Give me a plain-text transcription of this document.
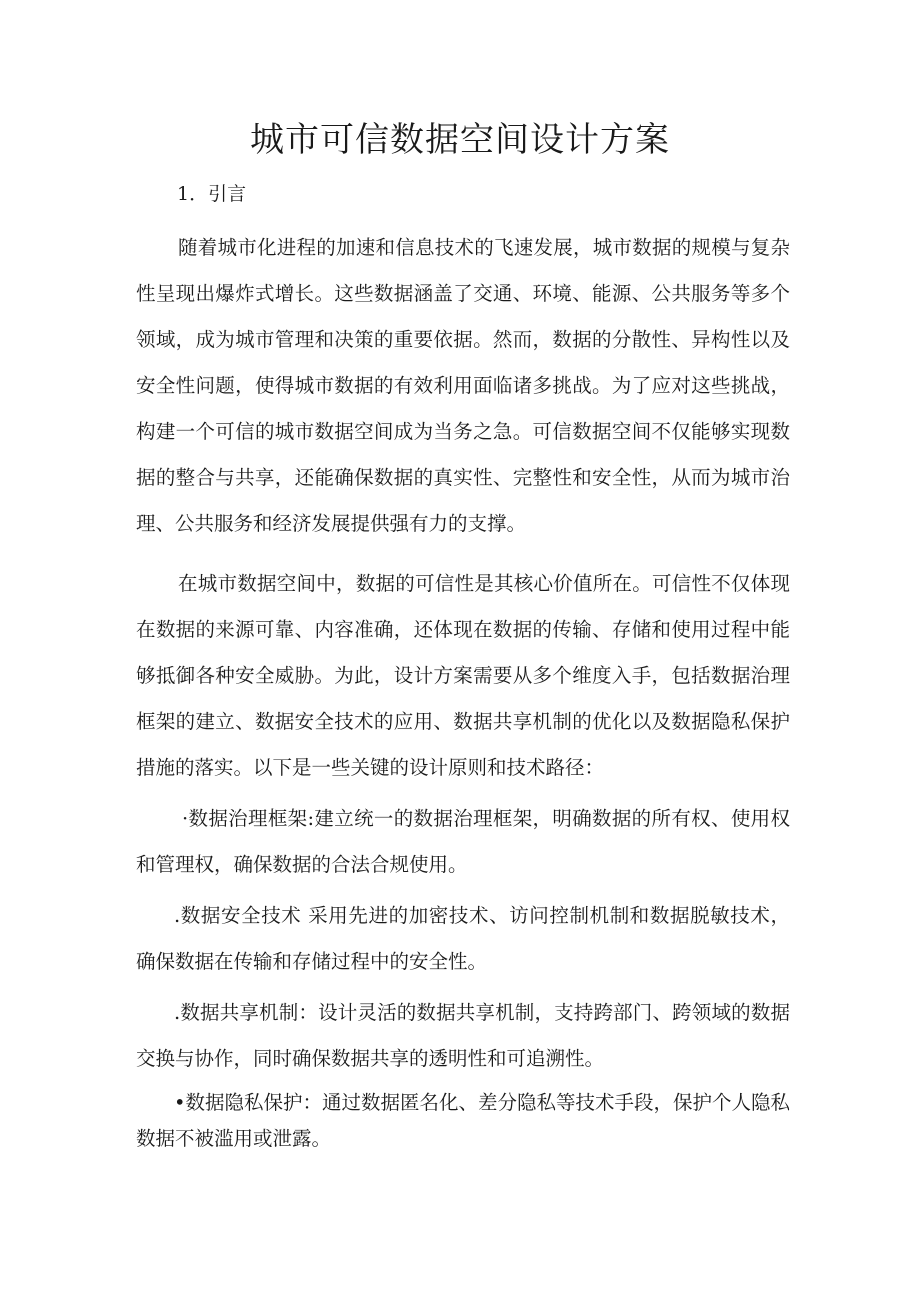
城市可信数据空间设计方案
1．引言

随着城市化进程的加速和信息技术的飞速发展，城市数据的规模与复杂性呈现出爆炸式增长。这些数据涵盖了交通、环境、能源、公共服务等多个领域，成为城市管理和决策的重要依据。然而，数据的分散性、异构性以及安全性问题，使得城市数据的有效利用面临诸多挑战。为了应对这些挑战，构建一个可信的城市数据空间成为当务之急。可信数据空间不仅能够实现数据的整合与共享，还能确保数据的真实性、完整性和安全性，从而为城市治理、公共服务和经济发展提供强有力的支撑。

在城市数据空间中，数据的可信性是其核心价值所在。可信性不仅体现在数据的来源可靠、内容准确，还体现在数据的传输、存储和使用过程中能够抵御各种安全威胁。为此，设计方案需要从多个维度入手，包括数据治理框架的建立、数据安全技术的应用、数据共享机制的优化以及数据隐私保护措施的落实。以下是一些关键的设计原则和技术路径：

·数据治理框架:建立统一的数据治理框架，明确数据的所有权、使用权和管理权，确保数据的合法合规使用。

.数据安全技术 采用先进的加密技术、访问控制机制和数据脱敏技术，确保数据在传输和存储过程中的安全性。

.数据共享机制：设计灵活的数据共享机制，支持跨部门、跨领域的数据交换与协作，同时确保数据共享的透明性和可追溯性。

•数据隐私保护：通过数据匿名化、差分隐私等技术手段，保护个人隐私数据不被滥用或泄露。
